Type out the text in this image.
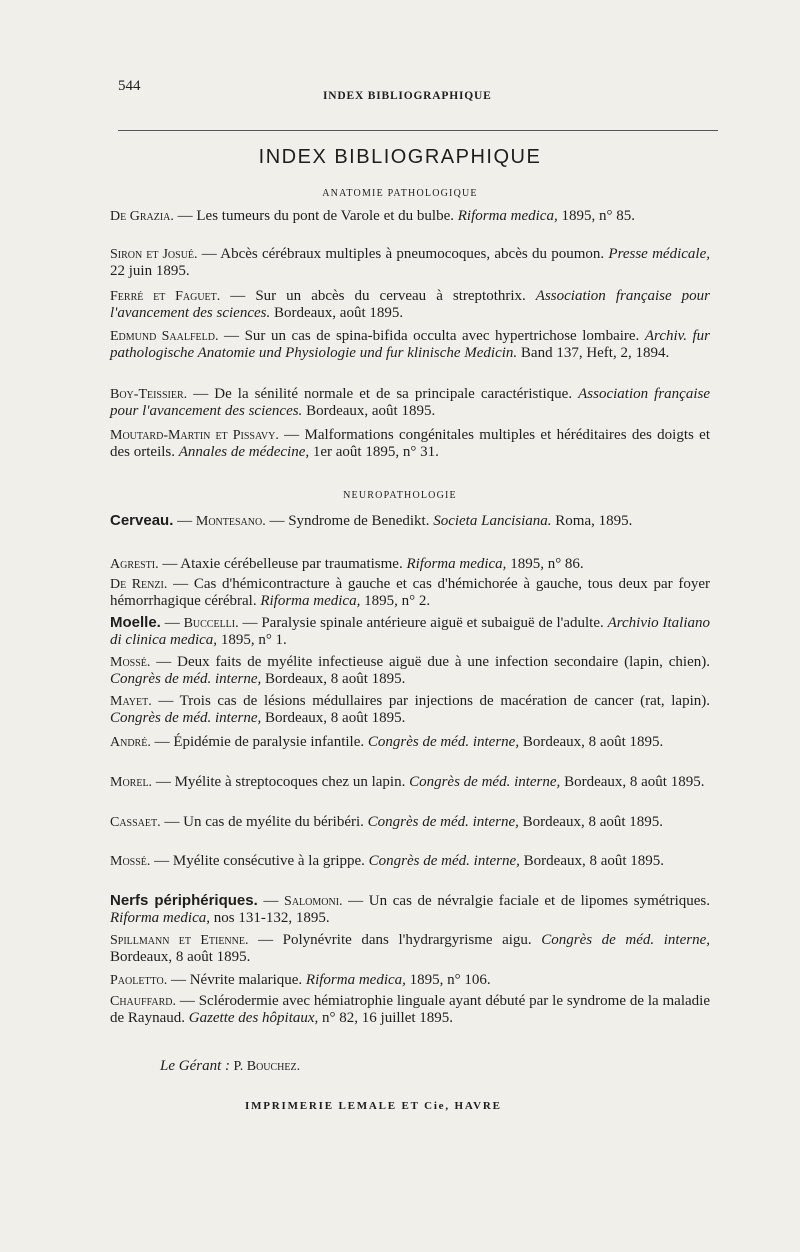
544
INDEX BIBLIOGRAPHIQUE
INDEX BIBLIOGRAPHIQUE
ANATOMIE PATHOLOGIQUE
De Grazia. — Les tumeurs du pont de Varole et du bulbe. Riforma medica, 1895, n° 85.
Siron et Josué. — Abcès cérébraux multiples à pneumocoques, abcès du poumon. Presse médicale, 22 juin 1895.
Ferré et Faguet. — Sur un abcès du cerveau à streptothrix. Association française pour l'avancement des sciences. Bordeaux, août 1895.
Edmund Saalfeld. — Sur un cas de spina-bifida occulta avec hypertrichose lombaire. Archiv. fur pathologische Anatomie und Physiologie und fur klinische Medicin. Band 137, Heft, 2, 1894.
Boy-Teissier. — De la sénilité normale et de sa principale caractéristique. Association française pour l'avancement des sciences. Bordeaux, août 1895.
Moutard-Martin et Pissavy. — Malformations congénitales multiples et héréditaires des doigts et des orteils. Annales de médecine, 1er août 1895, n° 31.
NEUROPATHOLOGIE
Cerveau. — Montesano. — Syndrome de Benedikt. Societa Lancisiana. Roma, 1895.
Agresti. — Ataxie cérébelleuse par traumatisme. Riforma medica, 1895, n° 86.
De Renzi. — Cas d'hémicontracture à gauche et cas d'hémichorée à gauche, tous deux par foyer hémorrhagique cérébral. Riforma medica, 1895, n° 2.
Moelle. — Buccelli. — Paralysie spinale antérieure aiguë et subaiguë de l'adulte. Archivio Italiano di clinica medica, 1895, n° 1.
Mossé. — Deux faits de myélite infectieuse aiguë due à une infection secondaire (lapin, chien). Congrès de méd. interne, Bordeaux, 8 août 1895.
Mayet. — Trois cas de lésions médullaires par injections de macération de cancer (rat, lapin). Congrès de méd. interne, Bordeaux, 8 août 1895.
André. — Épidémie de paralysie infantile. Congrès de méd. interne, Bordeaux, 8 août 1895.
Morel. — Myélite à streptocoques chez un lapin. Congrès de méd. interne, Bordeaux, 8 août 1895.
Cassaet. — Un cas de myélite du béribéri. Congrès de méd. interne, Bordeaux, 8 août 1895.
Mossé. — Myélite consécutive à la grippe. Congrès de méd. interne, Bordeaux, 8 août 1895.
Nerfs périphériques. — Salomoni. — Un cas de névralgie faciale et de lipomes symétriques. Riforma medica, nos 131-132, 1895.
Spillmann et Etienne. — Polynévrite dans l'hydrargyrisme aigu. Congrès de méd. interne, Bordeaux, 8 août 1895.
Paoletto. — Névrite malarique. Riforma medica, 1895, n° 106.
Chauffard. — Sclérodermie avec hémiatrophie linguale ayant débuté par le syndrome de la maladie de Raynaud. Gazette des hôpitaux, n° 82, 16 juillet 1895.
Le Gérant : P. Bouchez.
IMPRIMERIE LEMALE ET Cie, HAVRE
